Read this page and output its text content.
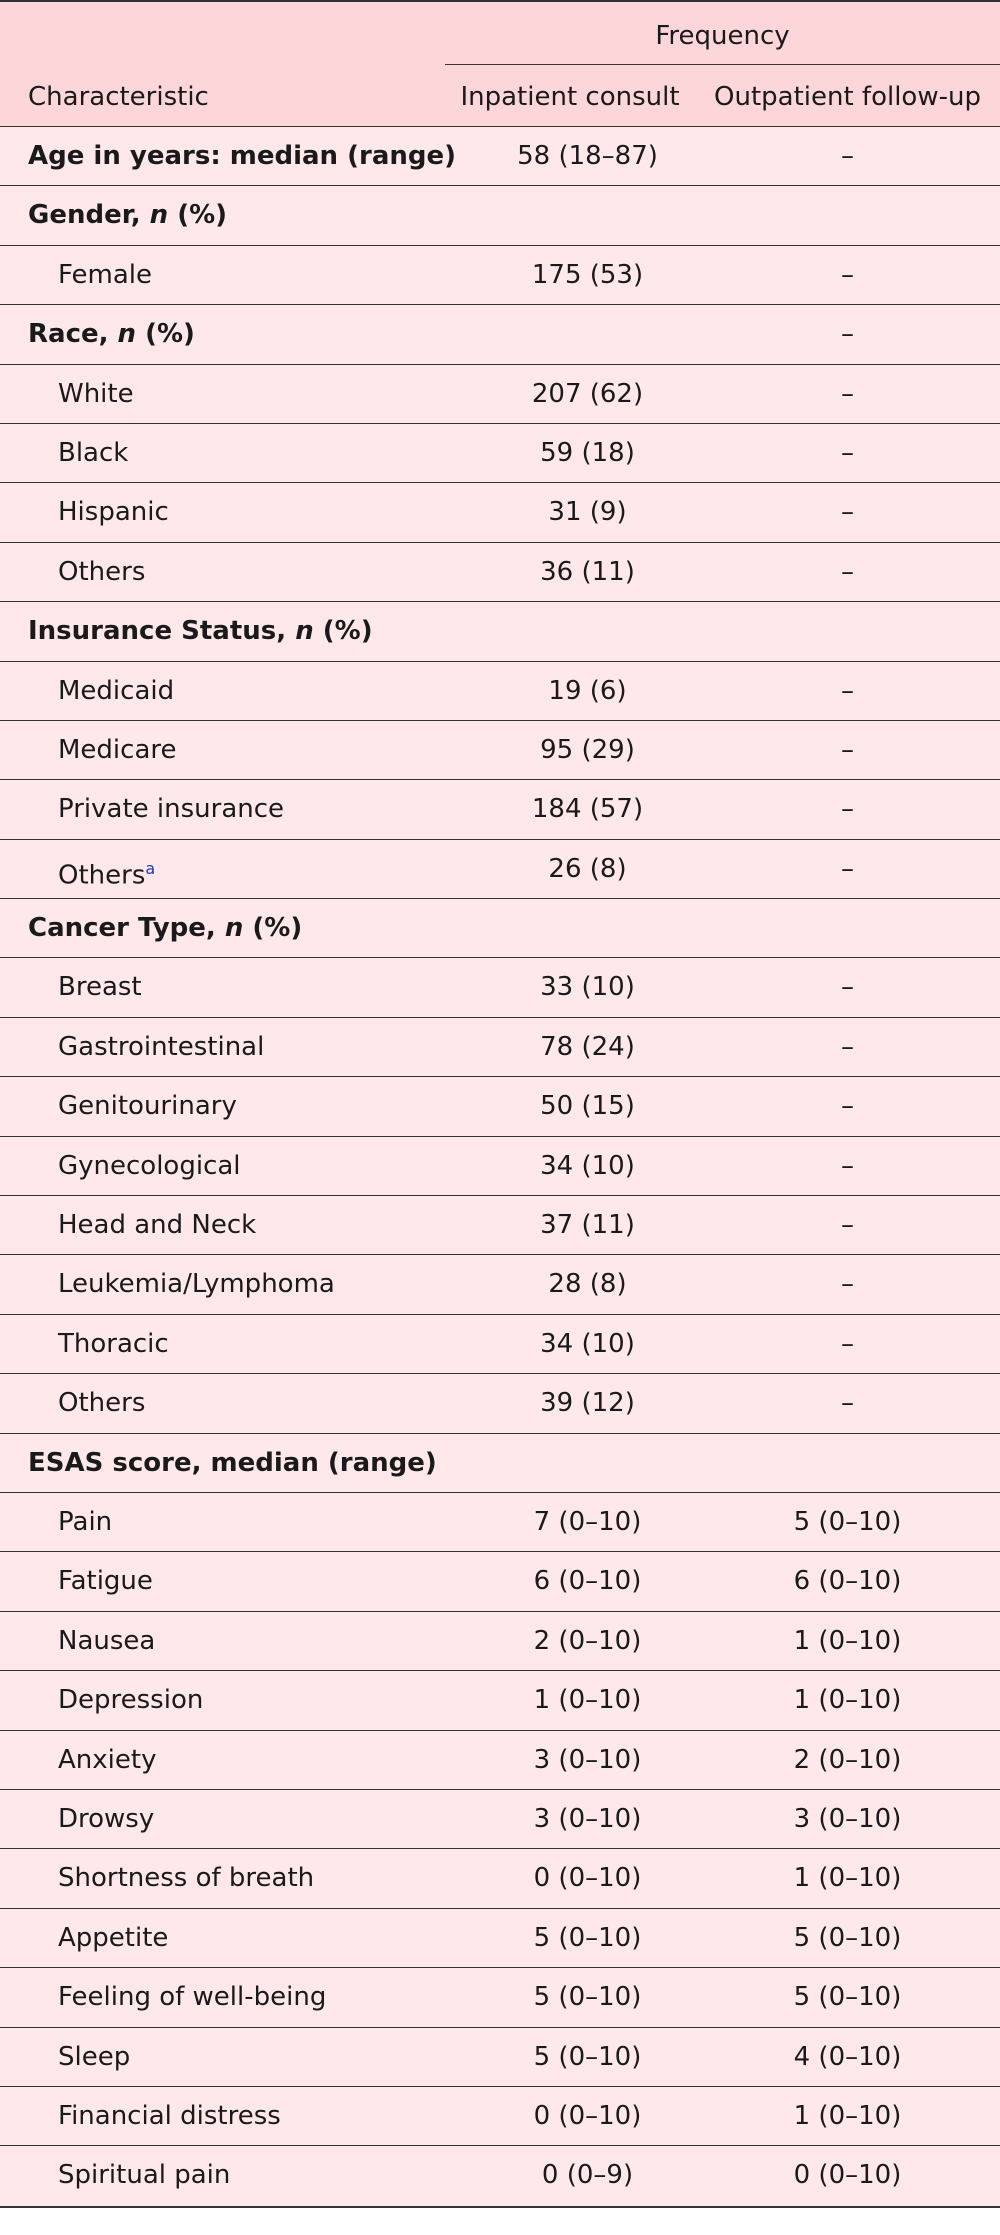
Frequency
Characteristic	Inpatient consult	Outpatient follow-up
Age in years: median (range)	58 (18–87)	–
Gender, n (%)
Female	175 (53)	–
Race, n (%)	–
White	207 (62)	–
Black	59 (18)	–
Hispanic	31 (9)	–
Others	36 (11)	–
Insurance Status, n (%)
Medicaid	19 (6)	–
Medicare	95 (29)	–
Private insurance	184 (57)	–
Others$^a$	26 (8)	–
Cancer Type, n (%)
Breast	33 (10)	–
Gastrointestinal	78 (24)	–
Genitourinary	50 (15)	–
Gynecological	34 (10)	–
Head and Neck	37 (11)	–
Leukemia/Lymphoma	28 (8)	–
Thoracic	34 (10)	–
Others	39 (12)	–
ESAS score, median (range)
Pain	7 (0–10)	5 (0–10)
Fatigue	6 (0–10)	6 (0–10)
Nausea	2 (0–10)	1 (0–10)
Depression	1 (0–10)	1 (0–10)
Anxiety	3 (0–10)	2 (0–10)
Drowsy	3 (0–10)	3 (0–10)
Shortness of breath	0 (0–10)	1 (0–10)
Appetite	5 (0–10)	5 (0–10)
Feeling of well-being	5 (0–10)	5 (0–10)
Sleep	5 (0–10)	4 (0–10)
Financial distress	0 (0–10)	1 (0–10)
Spiritual pain	0 (0–9)	0 (0–10)
